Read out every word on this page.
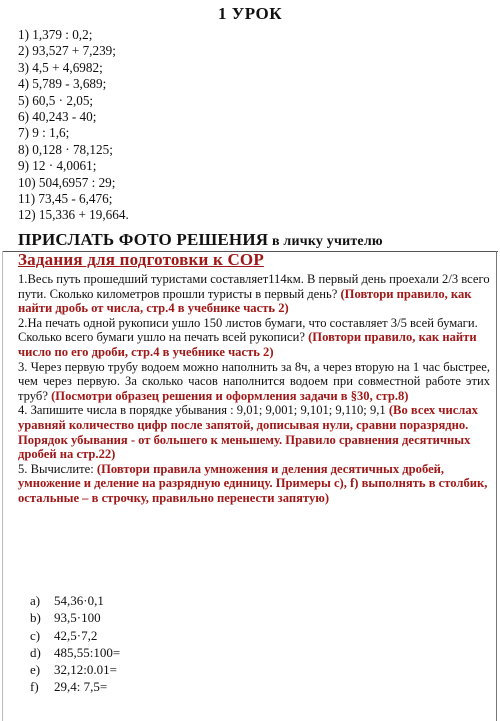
1 УРОК
1) 1,379 : 0,2;
2) 93,527 + 7,239;
3) 4,5 + 4,6982;
4) 5,789 - 3,689;
5) 60,5 · 2,05;
6) 40,243 - 40;
7) 9 : 1,6;
8) 0,128 · 78,125;
9) 12 · 4,0061;
10) 504,6957 : 29;
11) 73,45 - 6,476;
12) 15,336 + 19,664.
ПРИСЛАТЬ ФОТО РЕШЕНИЯ в личку учителю
Задания для подготовки к СОР

1.Весь путь прошедший туристами составляет114км. В первый день проехали 2/3 всего пути. Сколько километров прошли туристы в первый день? (Повтори правило, как найти дробь от числа, стр.4 в учебнике часть 2)

2.На печать одной рукописи ушло 150 листов бумаги, что составляет 3/5 всей бумаги. Сколько всего бумаги ушло на печать всей рукописи? (Повтори правило, как найти число по его дроби, стр.4 в учебнике часть 2)

3. Через первую трубу водоем можно наполнить за 8ч, а через вторую на 1 час быстрее, чем через первую. За сколько часов наполнится водоем при совместной работе этих труб? (Посмотри образец решения и оформления задачи в §30, стр.8)

4. Запишите числа в порядке убывания : 9,01; 9,001; 9,101; 9,110; 9,1 (Во всех числах уравняй количество цифр после запятой, дописывая нули, сравни поразрядно. Порядок убывания - от большего к меньшему. Правило сравнения десятичных дробей на стр.22)

5. Вычислите: (Повтори правила умножения и деления десятичных дробей, умножение и деление на разрядную единицу. Примеры с), f) выполнять в столбик, остальные – в строчку, правильно перенести запятую)

a) 54,36·0,1
b) 93,5·100
c) 42,5·7,2
d) 485,55:100=
e) 32,12:0.01=
f) 29,4: 7,5=
